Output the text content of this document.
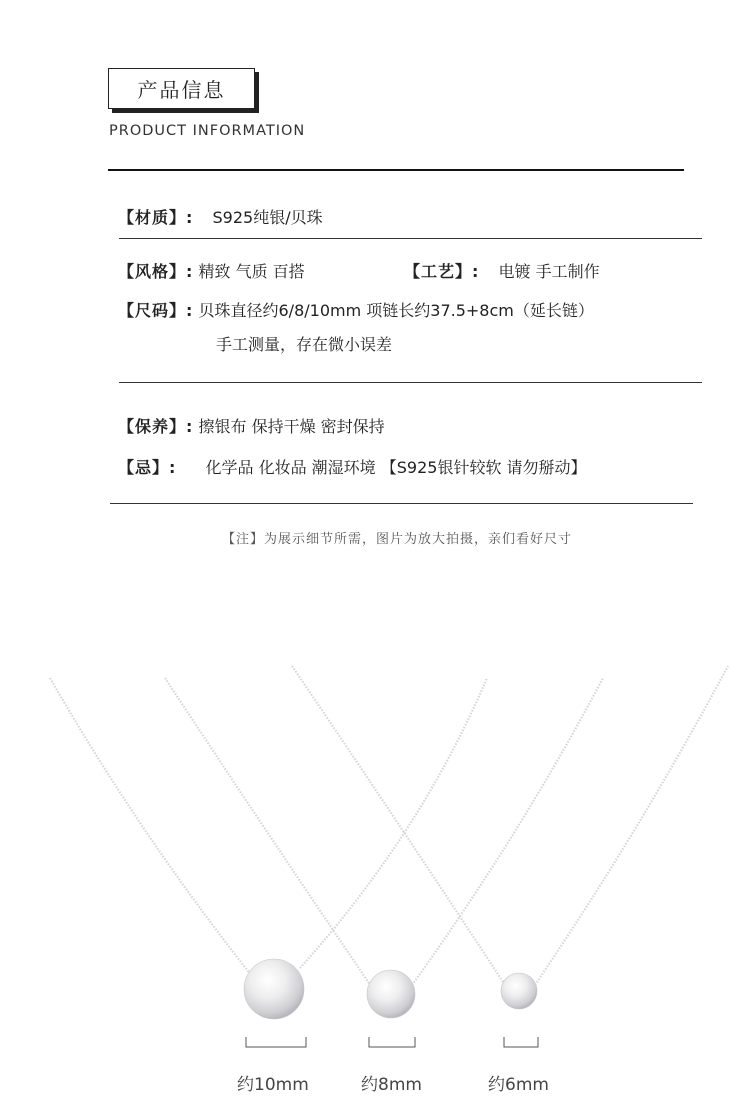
产品信息
PRODUCT INFORMATION
【材质】: S925纯银/贝珠
【风格】: 精致 气质 百搭	【工艺】: 电镀 手工制作
【尺码】: 贝珠直径约6/8/10mm 项链长约37.5+8cm（延长链）
手工测量，存在微小误差
【保养】: 擦银布 保持干燥 密封保持
【忌】: 化学品 化妆品 潮湿环境 【S925银针较软 请勿掰动】
【注】为展示细节所需，图片为放大拍摄，亲们看好尺寸
约10mm	约8mm	约6mm
